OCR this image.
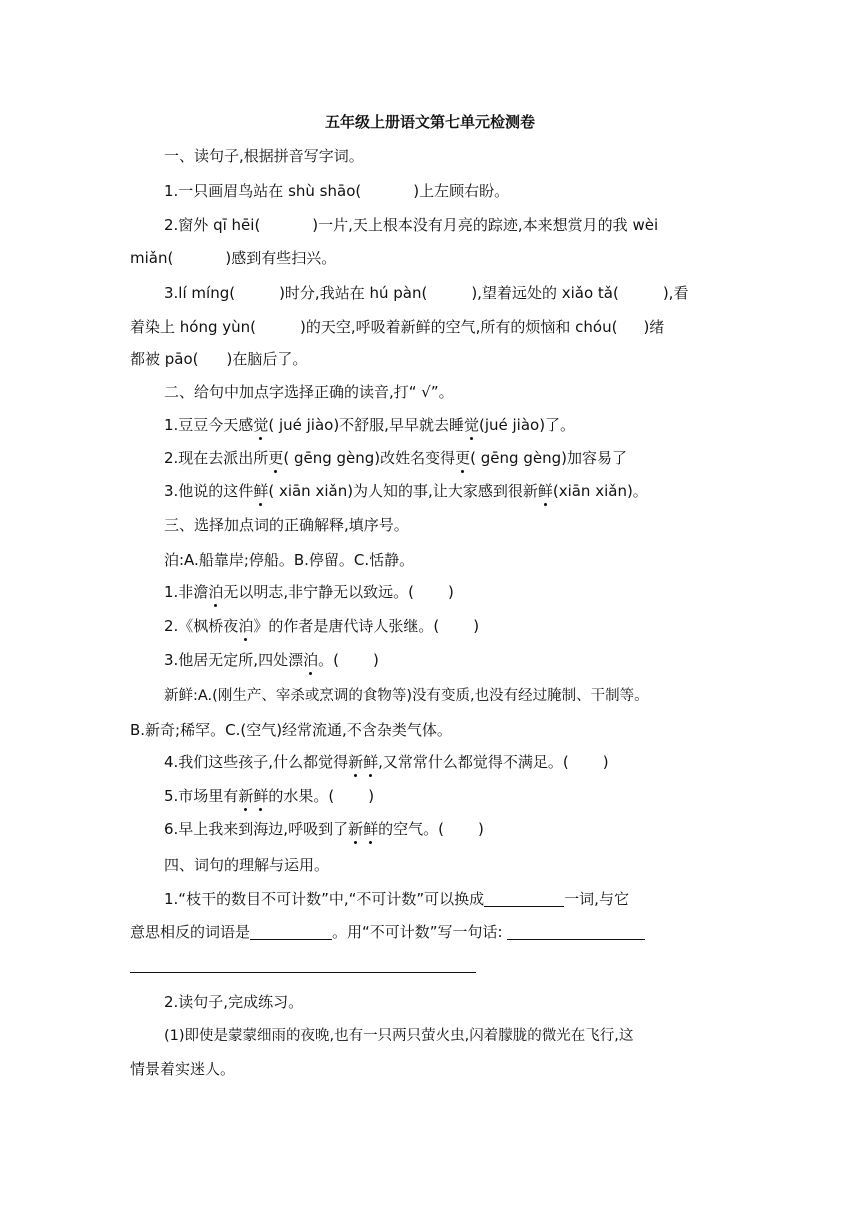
五年级上册语文第七单元检测卷
一、读句子,根据拼音写字词。
1.一只画眉鸟站在 shù shāo(	)上左顾右盼。
2.窗外 qī hēi(	)一片,天上根本没有月亮的踪迹,本来想赏月的我 wèi
miǎn(	)感到有些扫兴。
3.lí míng(	)时分,我站在 hú pàn(	),望着远处的 xiǎo tǎ(	),看
着染上 hóng yùn(	)的天空,呼吸着新鲜的空气,所有的烦恼和 chóu( )绪
都被 pāo( )在脑后了。
二、给句中加点字选择正确的读音,打“ √”。
1.豆豆今天感觉( jué jiào)不舒服,早早就去睡觉(jué jiào)了。
2.现在去派出所更( gēng gèng)改姓名变得更( gēng gèng)加容易了
3.他说的这件鲜( xiān xiǎn)为人知的事,让大家感到很新鲜(xiān xiǎn)。
三、选择加点词的正确解释,填序号。
泊:A.船靠岸;停船。B.停留。C.恬静。
1.非澹泊无以明志,非宁静无以致远。( )
2.《枫桥夜泊》的作者是唐代诗人张继。( )
3.他居无定所,四处漂泊。( )
新鲜:A.(刚生产、宰杀或烹调的食物等)没有变质,也没有经过腌制、干制等。
B.新奇;稀罕。C.(空气)经常流通,不含杂类气体。
4.我们这些孩子,什么都觉得新鲜,又常常什么都觉得不满足。( )
5.市场里有新鲜的水果。( )
6.早上我来到海边,呼吸到了新鲜的空气。( )
四、词句的理解与运用。
1.“枝干的数目不可计数”中,“不可计数”可以换成	一词,与它
意思相反的词语是	。用“不可计数”写一句话:
2.读句子,完成练习。
(1)即使是蒙蒙细雨的夜晚,也有一只两只萤火虫,闪着朦胧的微光在飞行,这
情景着实迷人。
